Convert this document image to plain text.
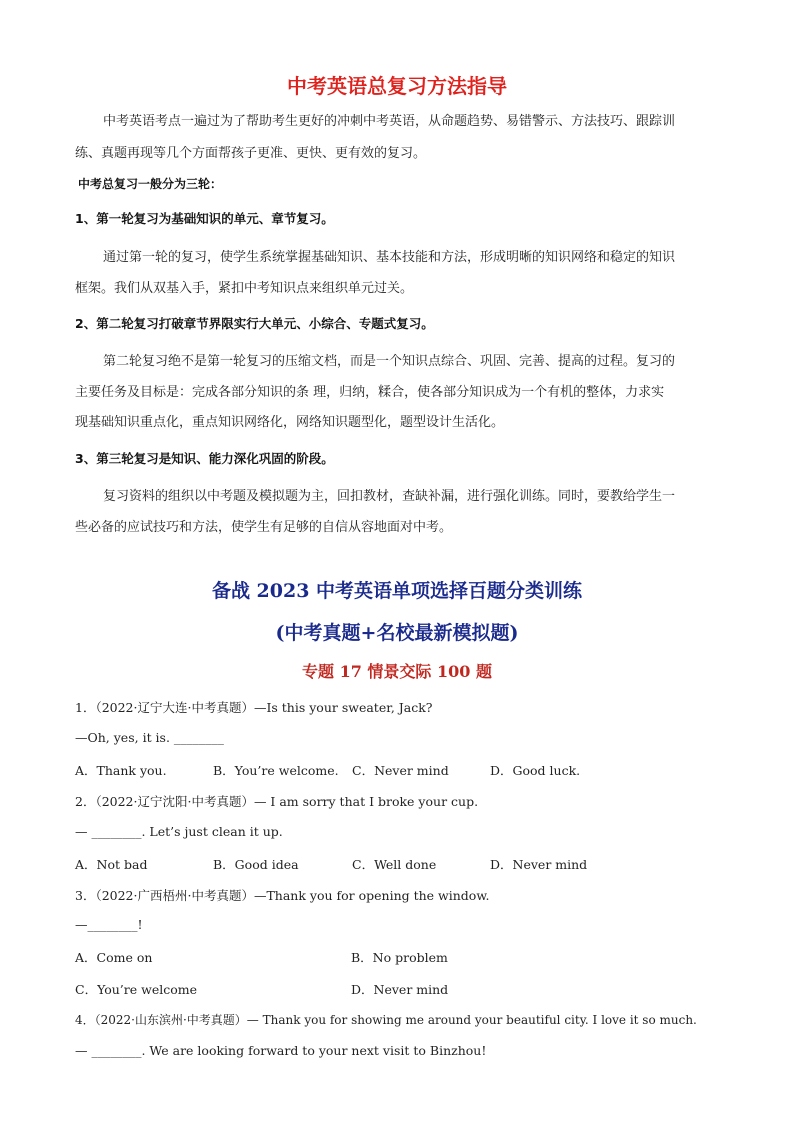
中考英语总复习方法指导
中考英语考点一遍过为了帮助考生更好的冲刺中考英语，从命题趋势、易错警示、方法技巧、跟踪训
练、真题再现等几个方面帮孩子更准、更快、更有效的复习。
中考总复习一般分为三轮：
1、第一轮复习为基础知识的单元、章节复习。
通过第一轮的复习，使学生系统掌握基础知识、基本技能和方法，形成明晰的知识网络和稳定的知识
框架。我们从双基入手，紧扣中考知识点来组织单元过关。
2、第二轮复习打破章节界限实行大单元、小综合、专题式复习。
第二轮复习绝不是第一轮复习的压缩文档，而是一个知识点综合、巩固、完善、提高的过程。复习的
主要任务及目标是：完成各部分知识的条 理，归纳，糅合，使各部分知识成为一个有机的整体，力求实
现基础知识重点化，重点知识网络化，网络知识题型化，题型设计生活化。
3、第三轮复习是知识、能力深化巩固的阶段。
复习资料的组织以中考题及模拟题为主，回扣教材，查缺补漏，进行强化训练。同时，要教给学生一
些必备的应试技巧和方法，使学生有足够的自信从容地面对中考。
备战 2023 中考英语单项选择百题分类训练
(中考真题+名校最新模拟题)
专题 17 情景交际 100 题
1．（2022·辽宁大连·中考真题）—Is this your sweater, Jack?
—Oh, yes, it is. ________
A．Thank you.	B．You’re welcome. C．Never mind	D．Good luck.
2．（2022·辽宁沈阳·中考真题）— I am sorry that I broke your cup.
— ________. Let’s just clean it up.
A．Not bad	B．Good idea	C．Well done	D．Never mind
3．（2022·广西梧州·中考真题）—Thank you for opening the window.
—________!
A．Come on	B．No problem
C．You’re welcome	D．Never mind
4．（2022·山东滨州·中考真题）— Thank you for showing me around your beautiful city. I love it so much.
— ________. We are looking forward to your next visit to Binzhou!
